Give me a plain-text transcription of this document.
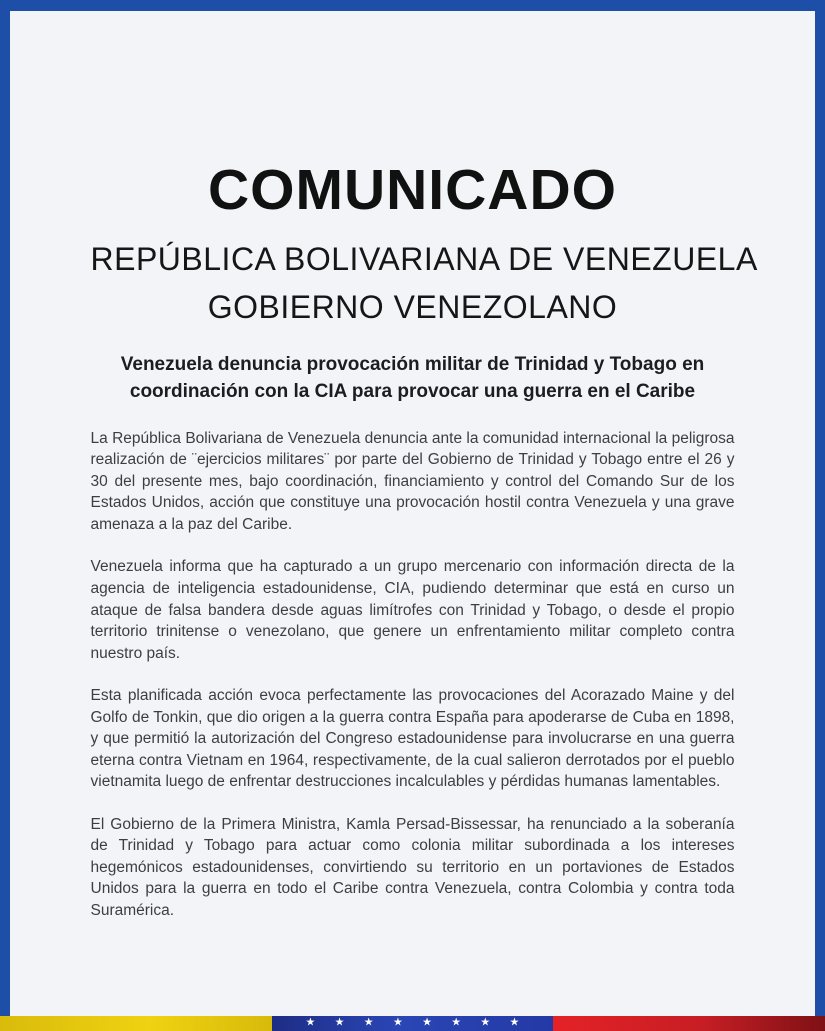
COMUNICADO
REPÚBLICA BOLIVARIANA DE VENEZUELA
GOBIERNO VENEZOLANO
Venezuela denuncia provocación militar de Trinidad y Tobago en coordinación con la CIA para provocar una guerra en el Caribe

La República Bolivariana de Venezuela denuncia ante la comunidad internacional la peligrosa realización de ¨ejercicios militares¨ por parte del Gobierno de Trinidad y Tobago entre el 26 y 30 del presente mes, bajo coordinación, financiamiento y control del Comando Sur de los Estados Unidos, acción que constituye una provocación hostil contra Venezuela y una grave amenaza a la paz del Caribe.

Venezuela informa que ha capturado a un grupo mercenario con información directa de la agencia de inteligencia estadounidense, CIA, pudiendo determinar que está en curso un ataque de falsa bandera desde aguas limítrofes con Trinidad y Tobago, o desde el propio territorio trinitense o venezolano, que genere un enfrentamiento militar completo contra nuestro país.

Esta planificada acción evoca perfectamente las provocaciones del Acorazado Maine y del Golfo de Tonkin, que dio origen a la guerra contra España para apoderarse de Cuba en 1898, y que permitió la autorización del Congreso estadounidense para involucrarse en una guerra eterna contra Vietnam en 1964, respectivamente, de la cual salieron derrotados por el pueblo vietnamita luego de enfrentar destrucciones incalculables y pérdidas humanas lamentables.

El Gobierno de la Primera Ministra, Kamla Persad-Bissessar, ha renunciado a la soberanía de Trinidad y Tobago para actuar como colonia militar subordinada a los intereses hegemónicos estadounidenses, convirtiendo su territorio en un portaviones de Estados Unidos para la guerra en todo el Caribe contra Venezuela, contra Colombia y contra toda Suramérica.

★ ★ ★ ★ ★ ★ ★ ★
